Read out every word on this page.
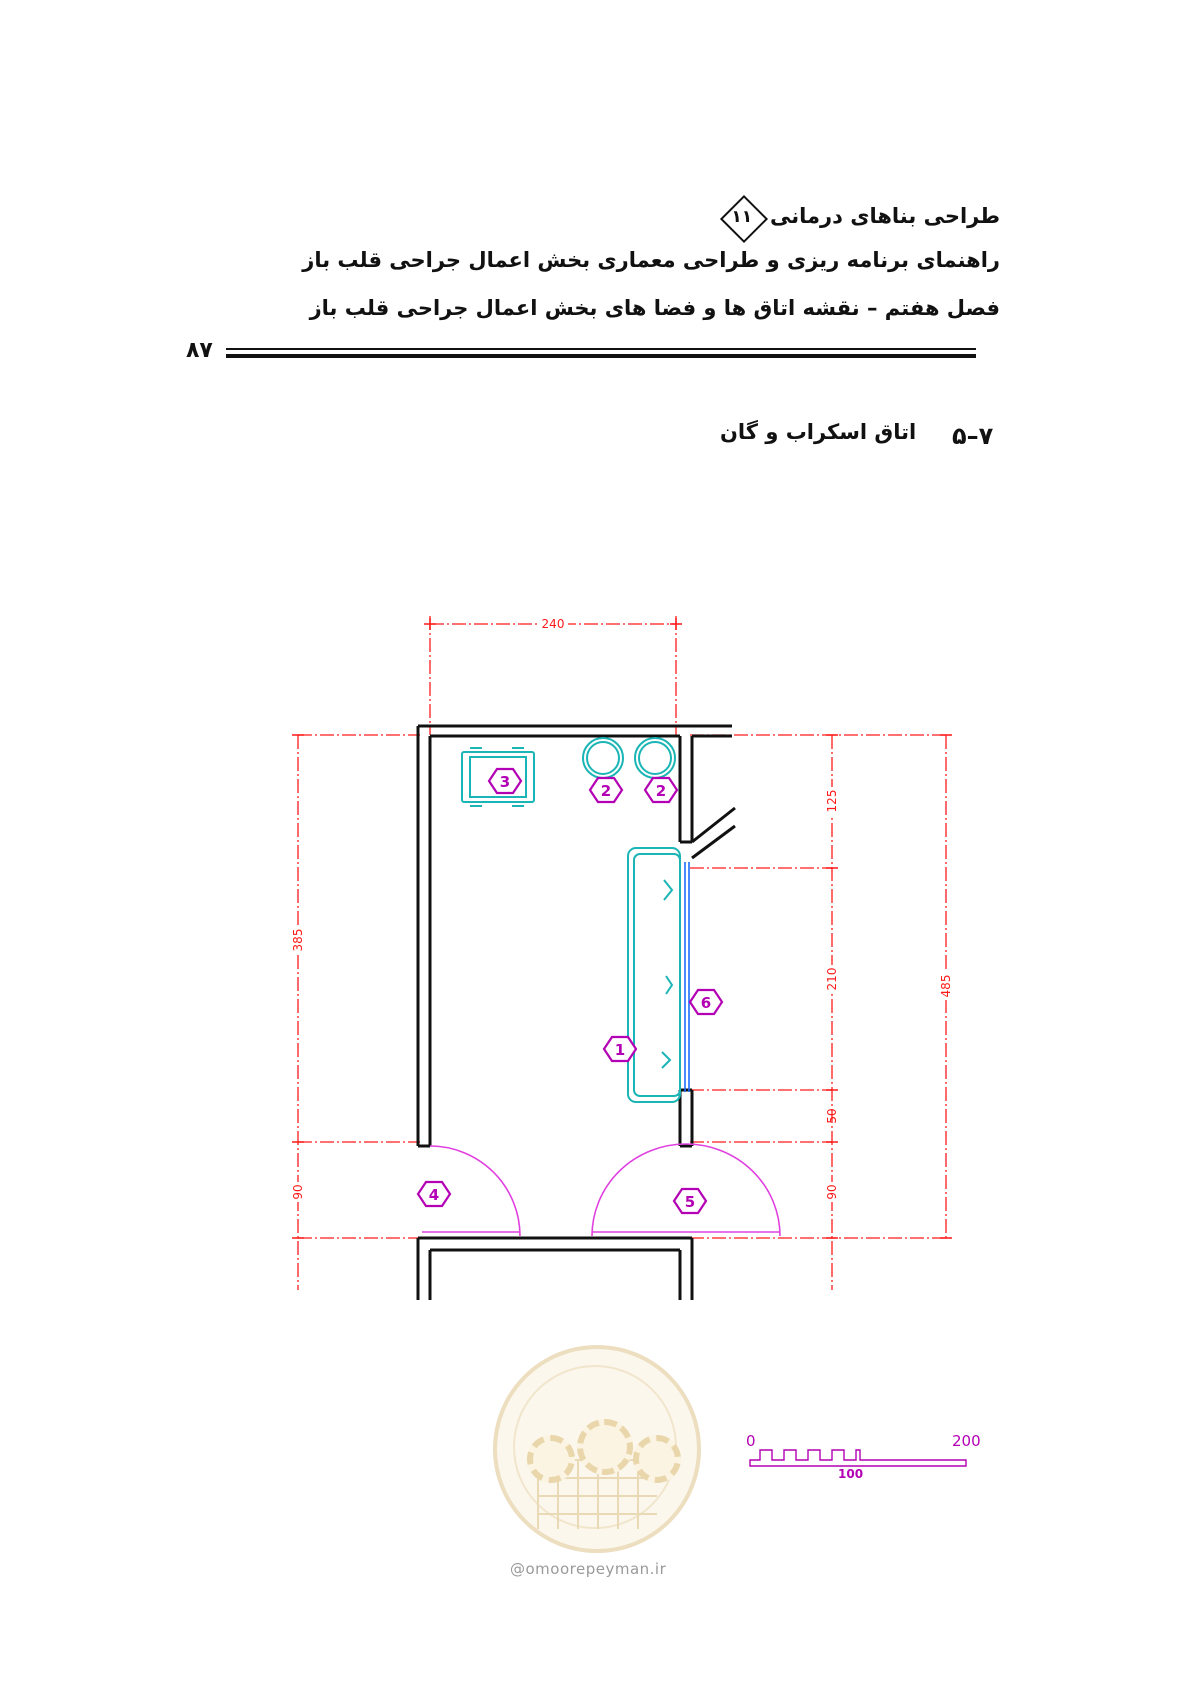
طراحی بناهای درمانی
۱۱
راهنمای برنامه ریزی و طراحی معماری بخش اعمال جراحی قلب باز
فصل هفتم – نقشه اتاق ها و فضا های بخش اعمال جراحی قلب باز
۸۷
۷–۵
اتاق اسکراب و گان
240
385
90
125
210
50
90
485
3	2	2
6
1
4	5
0	200
100
@omoorepeyman.ir
